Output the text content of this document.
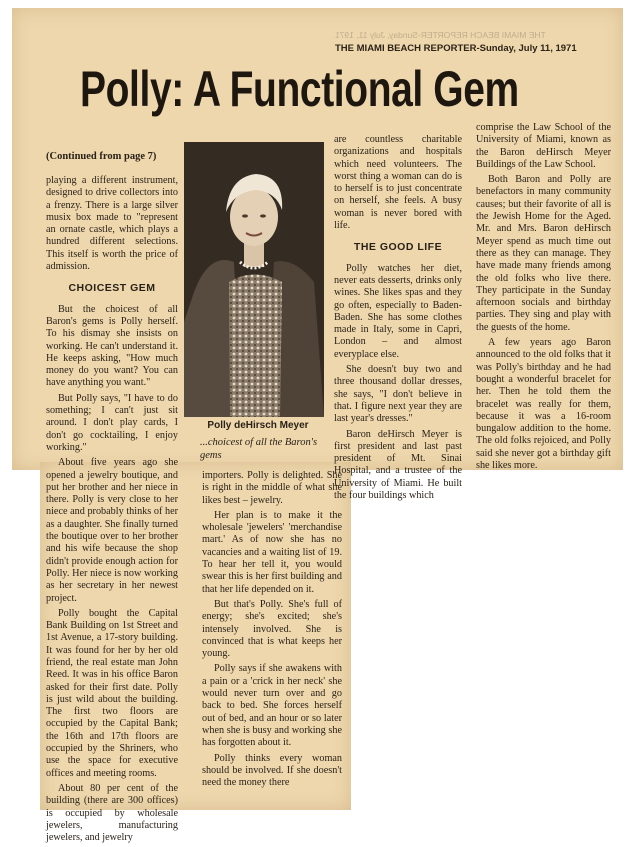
THE MIAMI BEACH REPORTER-Sunday, July 11, 1971
THE MIAMI BEACH REPORTER-Sunday, July 11, 1971
Polly: A Functional Gem
(Continued from page 7)

playing a different instrument, designed to drive collectors into a frenzy. There is a large silver musix box made to "represent an ornate castle, which plays a hundred different selections. This itself is worth the price of admission.

CHOICEST GEM

But the choicest of all Baron's gems is Polly herself. To his dismay she insists on working. He can't understand it. He keeps asking, "How much money do you want? You can have anything you want."

But Polly says, "I have to do something; I can't just sit around. I don't play cards, I don't go cocktailing, I enjoy working."

About five years ago she opened a jewelry boutique, and put her brother and her niece in there. Polly is very close to her niece and probably thinks of her as a daughter. She finally turned the boutique over to her brother and his wife because the shop didn't provide enough action for Polly. Her niece is now working as her secretary in her newest project.

Polly bought the Capital Bank Building on 1st Street and 1st Avenue, a 17-story building. It was found for her by her old friend, the real estate man John Reed. It was in his office Baron asked for their first date. Polly is just wild about the building. The first two floors are occupied by the Capital Bank; the 16th and 17th floors are occupied by the Shriners, who use the space for executive offices and meeting rooms.

About 80 per cent of the building (there are 300 offices) is occupied by wholesale jewelers, manufacturing jewelers, and jewelry

Polly deHirsch Meyer
...choicest of all the Baron's gems

importers. Polly is delighted. She is right in the middle of what she likes best – jewelry.

Her plan is to make it the wholesale 'jewelers' 'merchandise mart.' As of now she has no vacancies and a waiting list of 19. To hear her tell it, you would swear this is her first building and that her life depended on it.

But that's Polly. She's full of energy; she's excited; she's intensely involved. She is convinced that is what keeps her young.

Polly says if she awakens with a pain or a 'crick in her neck' she would never turn over and go back to bed. She forces herself out of bed, and an hour or so later when she is busy and working she has forgotten about it.

Polly thinks every woman should be involved. If she doesn't need the money there

are countless charitable organizations and hospitals which need volunteers. The worst thing a woman can do is to herself is to just concentrate on herself, she feels. A busy woman is never bored with life.

THE GOOD LIFE

Polly watches her diet, never eats desserts, drinks only wines. She likes spas and they go often, especially to Baden-Baden. She has some clothes made in Italy, some in Capri, London – and almost everyplace else.

She doesn't buy two and three thousand dollar dresses, she says, "I don't believe in that. I figure next year they are last year's dresses."

Baron deHirsch Meyer is first president and last past president of Mt. Sinai Hospital, and a trustee of the University of Miami. He built the four buildings which

comprise the Law School of the University of Miami, known as the Baron deHirsch Meyer Buildings of the Law School.

Both Baron and Polly are benefactors in many community causes; but their favorite of all is the Jewish Home for the Aged. Mr. and Mrs. Baron deHirsch Meyer spend as much time out there as they can manage. They have made many friends among the old folks who live there. They participate in the Sunday afternoon socials and birthday parties. They sing and play with the guests of the home.

A few years ago Baron announced to the old folks that it was Polly's birthday and he had bought a wonderful bracelet for her. Then he told them the bracelet was really for them, because it was a 16-room bungalow addition to the home. The old folks rejoiced, and Polly said she never got a birthday gift she likes more.
